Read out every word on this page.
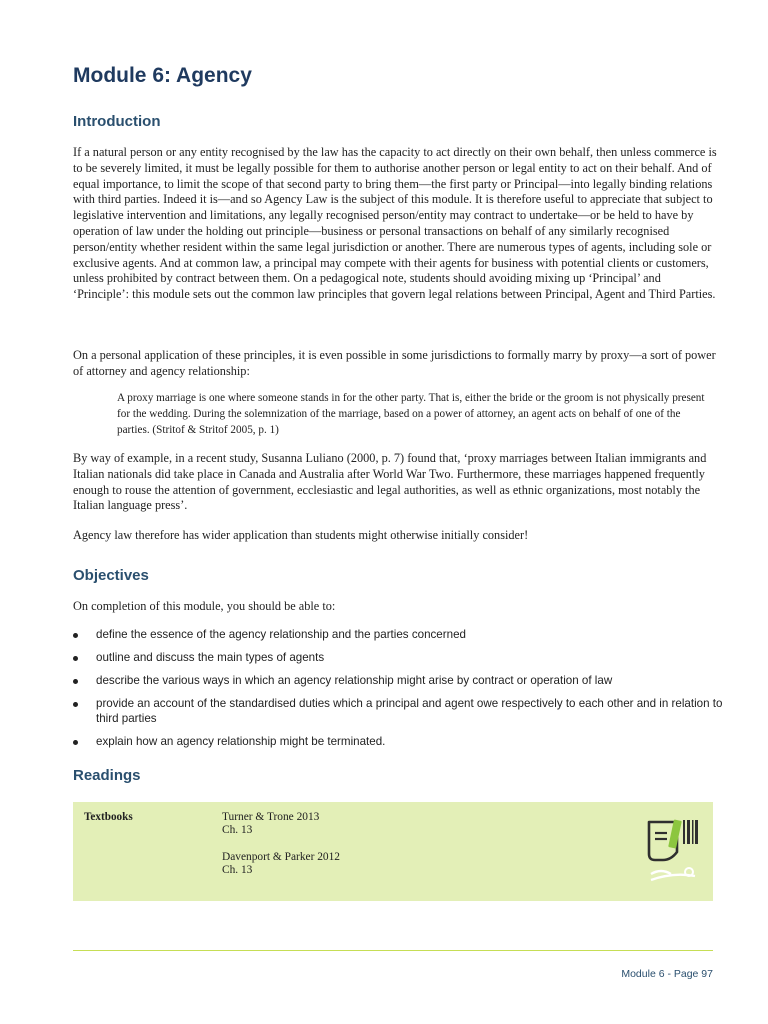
Module 6: Agency
Introduction

If a natural person or any entity recognised by the law has the capacity to act directly on their own behalf, then unless commerce is to be severely limited, it must be legally possible for them to authorise another person or legal entity to act on their behalf. And of equal importance, to limit the scope of that second party to bring them—the first party or Principal—into legally binding relations with third parties. Indeed it is—and so Agency Law is the subject of this module. It is therefore useful to appreciate that subject to legislative intervention and limitations, any legally recognised person/entity may contract to undertake—or be held to have by operation of law under the holding out principle—business or personal transactions on behalf of any similarly recognised person/entity whether resident within the same legal jurisdiction or another. There are numerous types of agents, including sole or exclusive agents. And at common law, a principal may compete with their agents for business with potential clients or customers, unless prohibited by contract between them. On a pedagogical note, students should avoiding mixing up ‘Principal’ and ‘Principle’: this module sets out the common law principles that govern legal relations between Principal, Agent and Third Parties.

On a personal application of these principles, it is even possible in some jurisdictions to formally marry by proxy—a sort of power of attorney and agency relationship:

A proxy marriage is one where someone stands in for the other party. That is, either the bride or the groom is not physically present for the wedding. During the solemnization of the marriage, based on a power of attorney, an agent acts on behalf of one of the parties. (Stritof & Stritof 2005, p. 1)

By way of example, in a recent study, Susanna Luliano (2000, p. 7) found that, ‘proxy marriages between Italian immigrants and Italian nationals did take place in Canada and Australia after World War Two. Furthermore, these marriages happened frequently enough to rouse the attention of government, ecclesiastic and legal authorities, as well as ethnic organizations, most notably the Italian language press’.

Agency law therefore has wider application than students might otherwise initially consider!

Objectives

On completion of this module, you should be able to:

define the essence of the agency relationship and the parties concerned
outline and discuss the main types of agents
describe the various ways in which an agency relationship might arise by contract or operation of law
provide an account of the standardised duties which a principal and agent owe respectively to each other and in relation to third parties
explain how an agency relationship might be terminated.
Readings
Textbooks	Turner & Trone 2013
Ch. 13
Davenport & Parker 2012
Ch. 13
Module 6 - Page 97
